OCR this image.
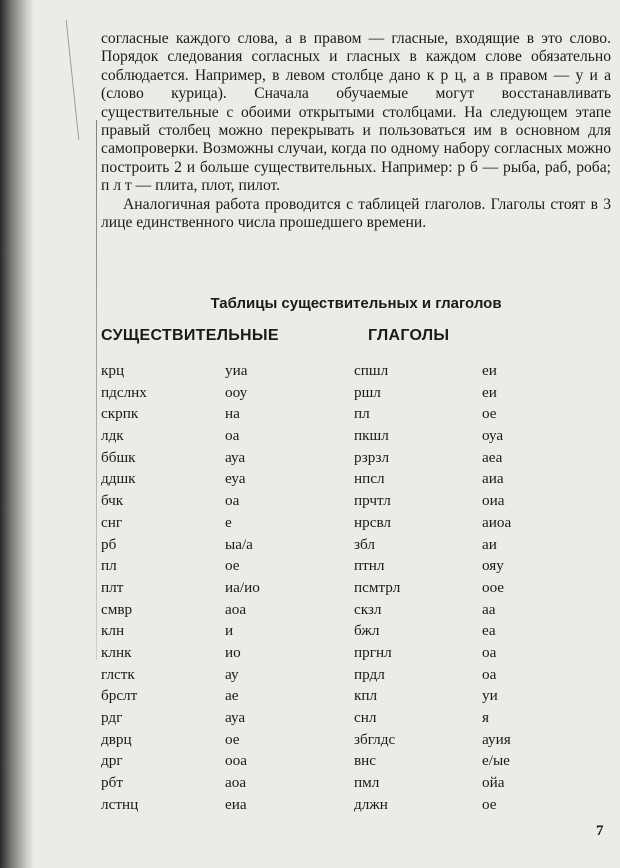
согласные каждого слова, а в правом — гласные, входящие в это слово. Порядок следования согласных и гласных в каждом слове обязательно соблюдается. Например, в левом столбце дано к р ц, а в правом — у и а (слово курица). Сначала обучаемые могут восстанавливать существительные с обоими открытыми столбцами. На следующем этапе правый столбец можно перекрывать и пользоваться им в основном для самопроверки. Возможны случаи, когда по одному набору согласных можно построить 2 и больше существительных. Например: р б — рыба, раб, роба; п л т — плита, плот, пилот.

Аналогичная работа проводится с таблицей глаголов. Глаголы стоят в 3 лице единственного числа прошедшего времени.

Таблицы существительных и глаголов
СУЩЕСТВИТЕЛЬНЫЕ	ГЛАГОЛЫ
крц	уиа	спшл	еи
пдслнх	ооу	ршл	еи
скрпк	на	пл	ое
лдк	оа	пкшл	оуа
ббшк	ауа	рзрзл	аеа
ддшк	еуа	нпсл	аиа
бчк	оа	прчтл	оиа
снг	е	нрсвл	аиоа
рб	ыа/а	збл	аи
пл	ое	птнл	ояу
плт	иа/ио	псмтрл	ооe
смвр	аоа	скзл	аа
клн	и	бжл	еа
клнк	ио	пргнл	оа
глстк	ау	прдл	оа
брслт	ае	кпл	уи
рдг	ауа	снл	я
дврц	ое	збглдс	ауия
дрг	ооа	внс	е/ые
рбт	аоа	пмл	ойа
лстнц	еиа	длжн	ое
7
